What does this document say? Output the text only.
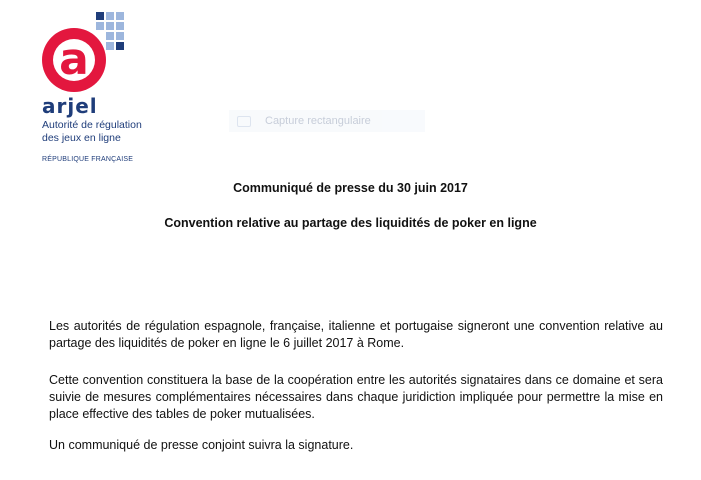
a
arjel
Autorité de régulation des jeux en ligne
RÉPUBLIQUE FRANÇAISE
Capture rectangulaire
Communiqué de presse du 30 juin 2017
Convention relative au partage des liquidités de poker en ligne
Les autorités de régulation espagnole, française, italienne et portugaise signeront une convention relative au partage des liquidités de poker en ligne le 6 juillet 2017 à Rome.
Cette convention constituera la base de la coopération entre les autorités signataires dans ce domaine et sera suivie de mesures complémentaires nécessaires dans chaque juridiction impliquée pour permettre la mise en place effective des tables de poker mutualisées.
Un communiqué de presse conjoint suivra la signature.
